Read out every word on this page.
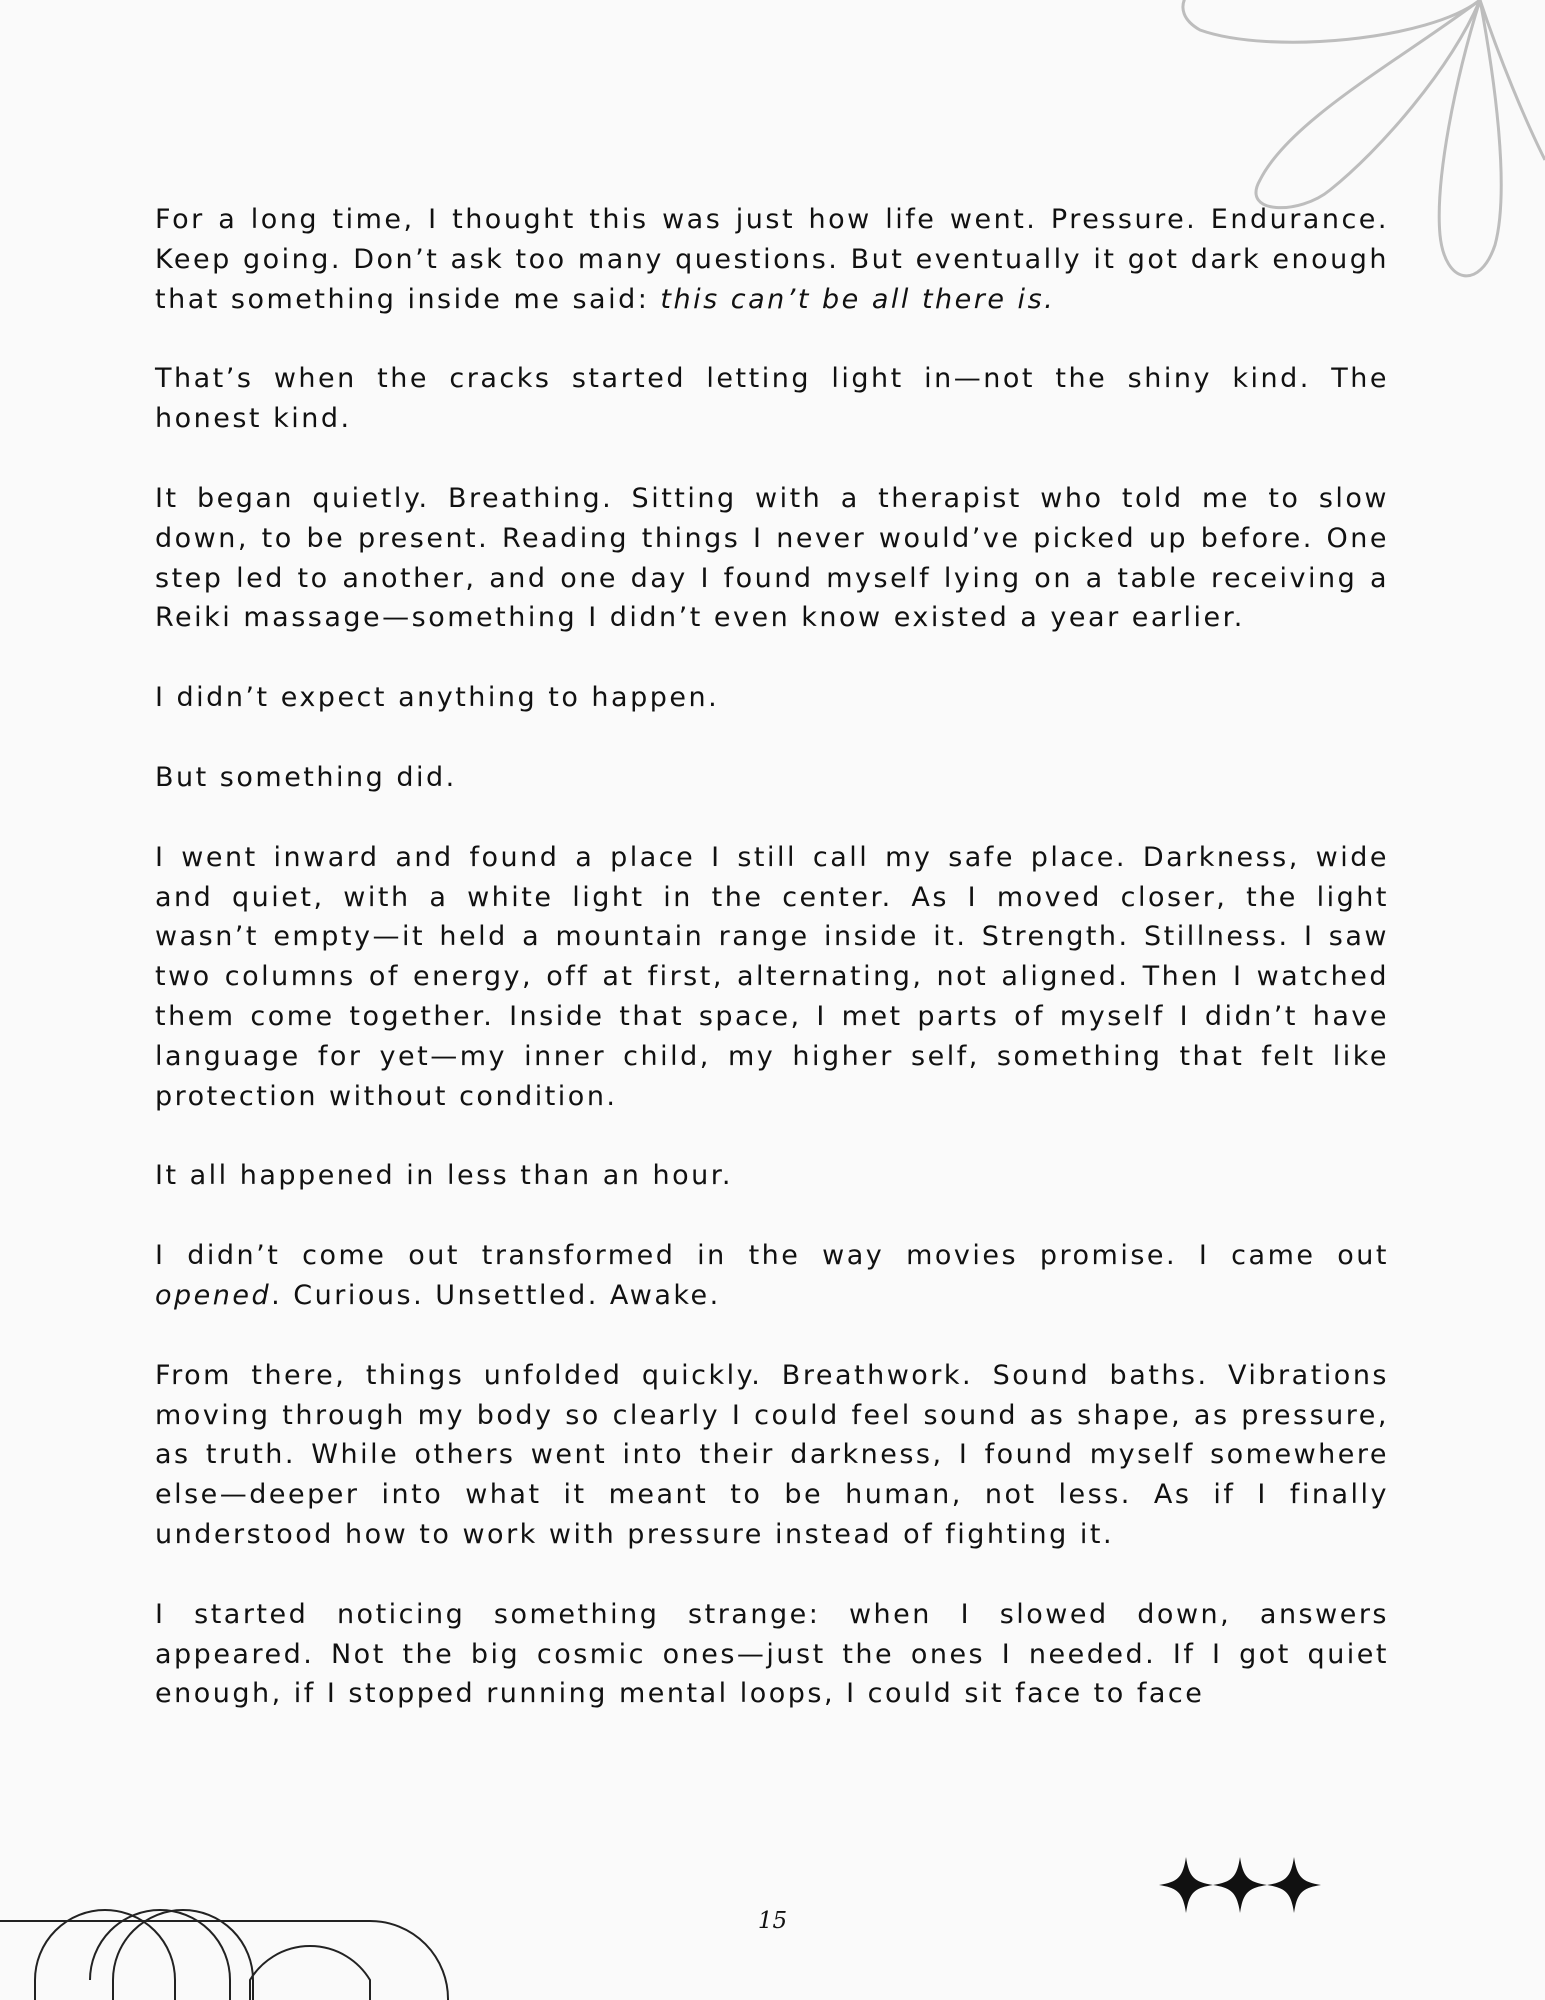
For a long time, I thought this was just how life went. Pressure. Endurance. Keep going. Don’t ask too many questions. But eventually it got dark enough that something inside me said: this can’t be all there is.

That’s when the cracks started letting light in—not the shiny kind. The honest kind.

It began quietly. Breathing. Sitting with a therapist who told me to slow down, to be present. Reading things I never would’ve picked up before. One step led to another, and one day I found myself lying on a table receiving a Reiki massage—something I didn’t even know existed a year earlier.

I didn’t expect anything to happen.

But something did.

I went inward and found a place I still call my safe place. Darkness, wide and quiet, with a white light in the center. As I moved closer, the light wasn’t empty—it held a mountain range inside it. Strength. Stillness. I saw two columns of energy, off at first, alternating, not aligned. Then I watched them come together. Inside that space, I met parts of myself I didn’t have language for yet—my inner child, my higher self, something that felt like protection without condition.

It all happened in less than an hour.

I didn’t come out transformed in the way movies promise. I came out opened. Curious. Unsettled. Awake.

From there, things unfolded quickly. Breathwork. Sound baths. Vibrations moving through my body so clearly I could feel sound as shape, as pressure, as truth. While others went into their darkness, I found myself somewhere else—deeper into what it meant to be human, not less. As if I finally understood how to work with pressure instead of fighting it.

I started noticing something strange: when I slowed down, answers appeared. Not the big cosmic ones—just the ones I needed. If I got quiet enough, if I stopped running mental loops, I could sit face to face

15
